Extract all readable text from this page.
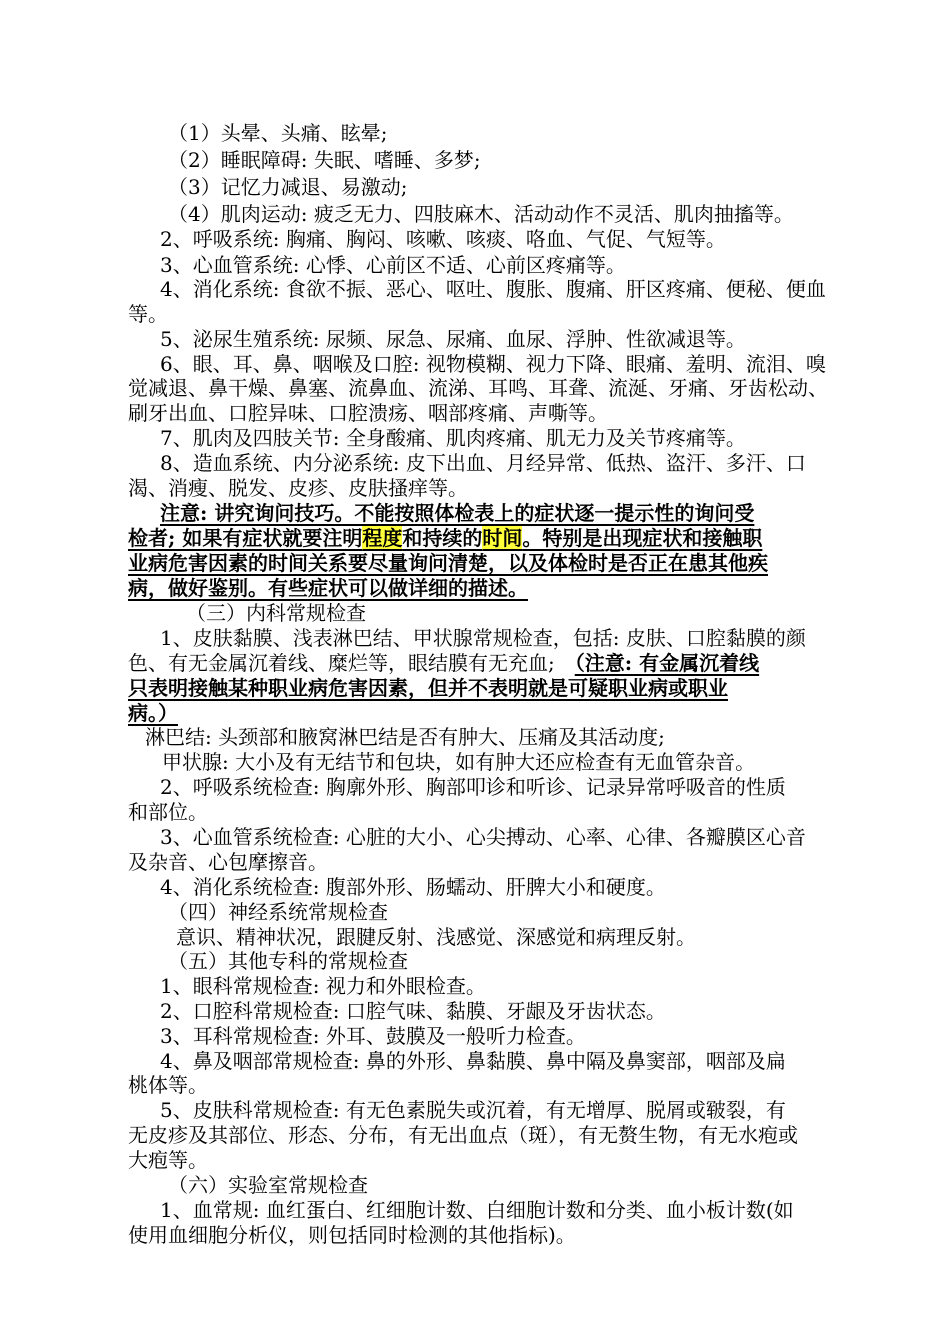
（1）头晕、头痛、眩晕;
（2）睡眠障碍: 失眠、嗜睡、多梦;
（3）记忆力减退、易激动;
（4）肌肉运动: 疲乏无力、四肢麻木、活动动作不灵活、肌肉抽搐等。
2、呼吸系统: 胸痛、胸闷、咳嗽、咳痰、咯血、气促、气短等。
3、心血管系统: 心悸、心前区不适、心前区疼痛等。
4、消化系统: 食欲不振、恶心、呕吐、腹胀、腹痛、肝区疼痛、便秘、便血
等。
5、泌尿生殖系统: 尿频、尿急、尿痛、血尿、浮肿、性欲减退等。
6、眼、耳、鼻、咽喉及口腔: 视物模糊、视力下降、眼痛、羞明、流泪、嗅
觉减退、鼻干燥、鼻塞、流鼻血、流涕、耳鸣、耳聋、流涎、牙痛、牙齿松动、
刷牙出血、口腔异味、口腔溃疡、咽部疼痛、声嘶等。
7、肌肉及四肢关节: 全身酸痛、肌肉疼痛、肌无力及关节疼痛等。
8、造血系统、内分泌系统: 皮下出血、月经异常、低热、盗汗、多汗、口
渴、消瘦、脱发、皮疹、皮肤搔痒等。
注意: 讲究询问技巧。不能按照体检表上的症状逐一提示性的询问受
检者; 如果有症状就要注明程度和持续的时间。特别是出现症状和接触职
业病危害因素的时间关系要尽量询问清楚，以及体检时是否正在患其他疾
病，做好鉴别。有些症状可以做详细的描述。
（三）内科常规检查
1、皮肤黏膜、浅表淋巴结、甲状腺常规检查，包括: 皮肤、口腔黏膜的颜
色、有无金属沉着线、糜烂等，眼结膜有无充血;　（注意: 有金属沉着线
只表明接触某种职业病危害因素，但并不表明就是可疑职业病或职业
病。）
淋巴结: 头颈部和腋窝淋巴结是否有肿大、压痛及其活动度;
甲状腺: 大小及有无结节和包块，如有肿大还应检查有无血管杂音。
2、呼吸系统检查: 胸廓外形、胸部叩诊和听诊、记录异常呼吸音的性质
和部位。
3、心血管系统检查: 心脏的大小、心尖搏动、心率、心律、各瓣膜区心音
及杂音、心包摩擦音。
4、消化系统检查: 腹部外形、肠蠕动、肝脾大小和硬度。
（四）神经系统常规检查
意识、精神状况，跟腱反射、浅感觉、深感觉和病理反射。
（五）其他专科的常规检查
1、眼科常规检查: 视力和外眼检查。
2、口腔科常规检查: 口腔气味、黏膜、牙龈及牙齿状态。
3、耳科常规检查: 外耳、鼓膜及一般听力检查。
4、鼻及咽部常规检查: 鼻的外形、鼻黏膜、鼻中隔及鼻窦部，咽部及扁
桃体等。
5、皮肤科常规检查: 有无色素脱失或沉着，有无增厚、脱屑或皲裂，有
无皮疹及其部位、形态、分布，有无出血点（斑），有无赘生物，有无水疱或
大疱等。
（六）实验室常规检查
1、血常规: 血红蛋白、红细胞计数、白细胞计数和分类、血小板计数(如
使用血细胞分析仪，则包括同时检测的其他指标)。
